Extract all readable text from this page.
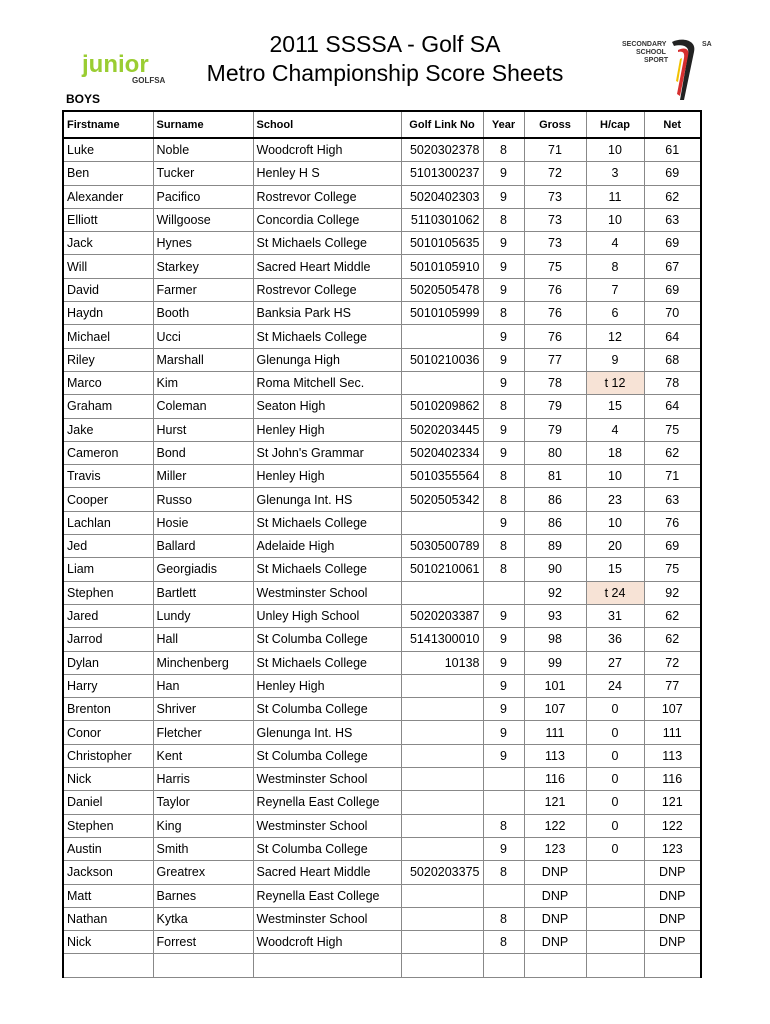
junior
GOLFSA
2011 SSSSA - Golf SA
Metro Championship Score Sheets
SECONDARY
SCHOOL
SPORT
SA
BOYS
Firstname	Surname	School	Golf Link No	Year	Gross	H/cap	Net
Luke	Noble	Woodcroft High	5020302378	8	71	10	61
Ben	Tucker	Henley H S	5101300237	9	72	3	69
Alexander	Pacifico	Rostrevor College	5020402303	9	73	11	62
Elliott	Willgoose	Concordia College	5110301062	8	73	10	63
Jack	Hynes	St Michaels College	5010105635	9	73	4	69
Will	Starkey	Sacred Heart Middle	5010105910	9	75	8	67
David	Farmer	Rostrevor College	5020505478	9	76	7	69
Haydn	Booth	Banksia Park HS	5010105999	8	76	6	70
Michael	Ucci	St Michaels College		9	76	12	64
Riley	Marshall	Glenunga High	5010210036	9	77	9	68
Marco	Kim	Roma Mitchell Sec.		9	78	t 12	78
Graham	Coleman	Seaton High	5010209862	8	79	15	64
Jake	Hurst	Henley High	5020203445	9	79	4	75
Cameron	Bond	St John's Grammar	5020402334	9	80	18	62
Travis	Miller	Henley High	5010355564	8	81	10	71
Cooper	Russo	Glenunga Int. HS	5020505342	8	86	23	63
Lachlan	Hosie	St Michaels College		9	86	10	76
Jed	Ballard	Adelaide High	5030500789	8	89	20	69
Liam	Georgiadis	St Michaels College	5010210061	8	90	15	75
Stephen	Bartlett	Westminster School			92	t 24	92
Jared	Lundy	Unley High School	5020203387	9	93	31	62
Jarrod	Hall	St Columba College	5141300010	9	98	36	62
Dylan	Minchenberg	St Michaels College	10138	9	99	27	72
Harry	Han	Henley High		9	101	24	77
Brenton	Shriver	St Columba College		9	107	0	107
Conor	Fletcher	Glenunga Int. HS		9	111	0	111
Christopher	Kent	St Columba College		9	113	0	113
Nick	Harris	Westminster School			116	0	116
Daniel	Taylor	Reynella East College			121	0	121
Stephen	King	Westminster School		8	122	0	122
Austin	Smith	St Columba College		9	123	0	123
Jackson	Greatrex	Sacred Heart Middle	5020203375	8	DNP		DNP
Matt	Barnes	Reynella East College			DNP		DNP
Nathan	Kytka	Westminster School		8	DNP		DNP
Nick	Forrest	Woodcroft High		8	DNP		DNP
